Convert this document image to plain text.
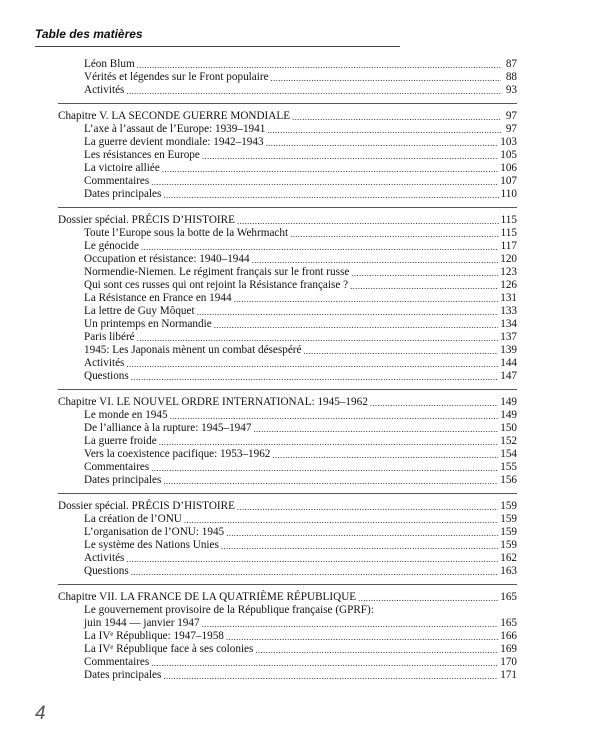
Table des matières
Léon Blum .....	87
Vérités et légendes sur le Front populaire .....	88
Activités .....	93
Chapitre V. LA SECONDE GUERRE MONDIALE .....	97
L’axe à l’assaut de l’Europe: 1939–1941 .....	97
La guerre devient mondiale: 1942–1943 .....	103
Les résistances en Europe .....	105
La victoire alliée .....	106
Commentaires .....	107
Dates principales .....	110
Dossier spécial. PRÉCIS D’HISTOIRE .....	115
Toute l’Europe sous la botte de la Wehrmacht .....	115
Le génocide .....	117
Occupation et résistance: 1940–1944 .....	120
Normendie-Niemen. Le régiment français sur le front russe .....	123
Qui sont ces russes qui ont rejoint la Résistance française ? .....	126
La Résistance en France en 1944 .....	131
La lettre de Guy Môquet .....	133
Un printemps en Normandie .....	134
Paris libéré .....	137
1945: Les Japonais mènent un combat désespéré .....	139
Activités .....	144
Questions .....	147
Chapitre VI. LE NOUVEL ORDRE INTERNATIONAL: 1945–1962 .....	149
Le monde en 1945 .....	149
De l’alliance à la rupture: 1945–1947 .....	150
La guerre froide .....	152
Vers la coexistence pacifique: 1953–1962 .....	154
Commentaires .....	155
Dates principales .....	156
Dossier spécial. PRÉCIS D’HISTOIRE .....	159
La création de l’ONU .....	159
L’organisation de l’ONU: 1945 .....	159
Le système des Nations Unies .....	159
Activités .....	162
Questions .....	163
Chapitre VII. LA FRANCE DE LA QUATRIÈME RÉPUBLIQUE .....	165
Le gouvernement provisoire de la République française (GPRF):
juin 1944 — janvier 1947 .....	165
La IVᵉ République: 1947–1958 .....	166
La IVᵉ République face à ses colonies .....	169
Commentaires .....	170
Dates principales .....	171
4
